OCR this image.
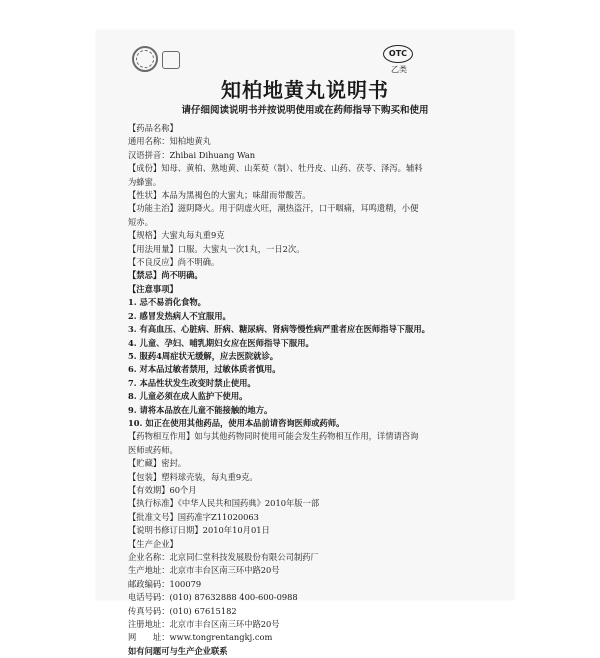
OTC
乙类
知柏地黄丸说明书
请仔细阅读说明书并按说明使用或在药师指导下购买和使用
【药品名称】
通用名称：知柏地黄丸
汉语拼音：Zhibai Dihuang Wan
【成份】知母、黄柏、熟地黄、山茱萸（制）、牡丹皮、山药、茯苓、泽泻。辅料
为蜂蜜。
【性状】本品为黑褐色的大蜜丸；味甜而带酸苦。
【功能主治】滋阴降火。用于阴虚火旺，潮热盗汗，口干咽痛，耳鸣遗精，小便
短赤。
【规格】大蜜丸每丸重9克
【用法用量】口服。大蜜丸一次1丸，一日2次。
【不良反应】尚不明确。
【禁忌】尚不明确。
【注意事项】
1. 忌不易消化食物。
2. 感冒发热病人不宜服用。
3. 有高血压、心脏病、肝病、糖尿病、肾病等慢性病严重者应在医师指导下服用。
4. 儿童、孕妇、哺乳期妇女应在医师指导下服用。
5. 服药4周症状无缓解，应去医院就诊。
6. 对本品过敏者禁用，过敏体质者慎用。
7. 本品性状发生改变时禁止使用。
8. 儿童必须在成人监护下使用。
9. 请将本品放在儿童不能接触的地方。
10. 如正在使用其他药品，使用本品前请咨询医师或药师。
【药物相互作用】如与其他药物同时使用可能会发生药物相互作用，详情请咨询
医师或药师。
【贮藏】密封。
【包装】塑料球壳装，每丸重9克。
【有效期】60个月
【执行标准】《中华人民共和国药典》2010年版一部
【批准文号】国药准字Z11020063
【说明书修订日期】2010年10月01日
【生产企业】
企业名称：北京同仁堂科技发展股份有限公司制药厂
生产地址：北京市丰台区南三环中路20号
邮政编码：100079
电话号码：(010) 87632888 400-600-0988
传真号码：(010) 67615182
注册地址：北京市丰台区南三环中路20号
网　　址：www.tongrentangkj.com
如有问题可与生产企业联系
